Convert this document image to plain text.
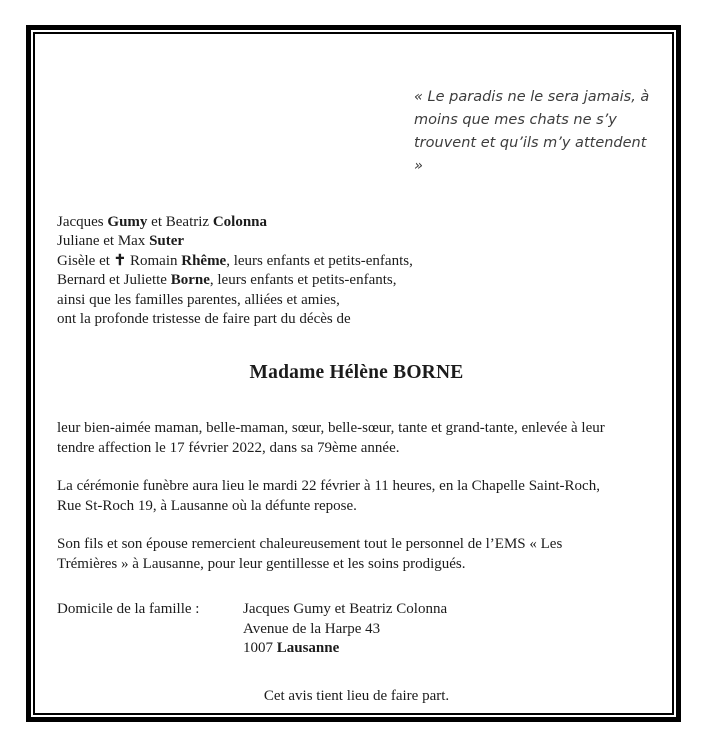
« Le paradis ne le sera jamais, à
moins que mes chats ne s’y
trouvent et qu’ils m’y attendent »
Jacques Gumy et Beatriz Colonna
Juliane et Max Suter
Gisèle et ✝ Romain Rhême, leurs enfants et petits-enfants,
Bernard et Juliette Borne, leurs enfants et petits-enfants,
ainsi que les familles parentes, alliées et amies,
ont la profonde tristesse de faire part du décès de
Madame Hélène BORNE
leur bien-aimée maman, belle-maman, sœur, belle-sœur, tante et grand-tante, enlevée à leur
tendre affection le 17 février 2022, dans sa 79ème année.
La cérémonie funèbre aura lieu le mardi 22 février à 11 heures, en la Chapelle Saint-Roch,
Rue St-Roch 19, à Lausanne où la défunte repose.
Son fils et son épouse remercient chaleureusement tout le personnel de l’EMS « Les
Trémières » à Lausanne, pour leur gentillesse et les soins prodigués.
Domicile de la famille :	Jacques Gumy et Beatriz Colonna
Avenue de la Harpe 43
1007 Lausanne
Cet avis tient lieu de faire part.
